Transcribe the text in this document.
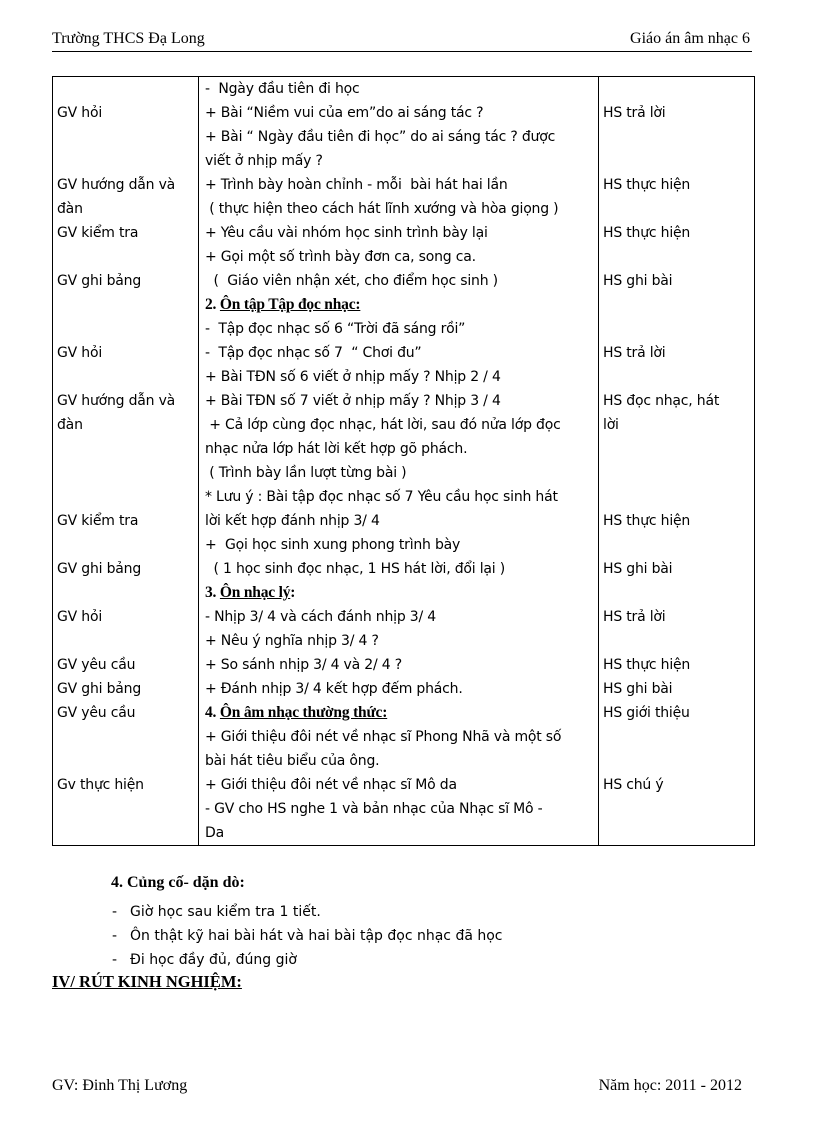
Trường THCS Đạ Long	Giáo án âm nhạc 6
	-  Ngày đầu tiên đi học	
GV hỏi	+ Bài “Niềm vui của em”do ai sáng tác ?	HS trả lời
	+ Bài “ Ngày đầu tiên đi học” do ai sáng tác ? được	
	viết ở nhịp mấy ?	
GV hướng dẫn và	+ Trình bày hoàn chỉnh - mỗi  bài hát hai lần	HS thực hiện
đàn	( thực hiện theo cách hát lĩnh xướng và hòa giọng )	
GV kiểm tra	+ Yêu cầu vài nhóm học sinh trình bày lại	HS thực hiện
	+ Gọi một số trình bày đơn ca, song ca.	
GV ghi bảng	(  Giáo viên nhận xét, cho điểm học sinh )	HS ghi bài
	2. Ôn tập Tập đọc nhạc:	
	-  Tập đọc nhạc số 6 “Trời đã sáng rồi”	
GV hỏi	-  Tập đọc nhạc số 7  “ Chơi đu”	HS trả lời
	+ Bài TĐN số 6 viết ở nhịp mấy ? Nhịp 2 / 4	
GV hướng dẫn và	+ Bài TĐN số 7 viết ở nhịp mấy ? Nhịp 3 / 4	HS đọc nhạc, hát
đàn	+ Cả lớp cùng đọc nhạc, hát lời, sau đó nửa lớp đọc	lời
	nhạc nửa lớp hát lời kết hợp gõ phách.	
	( Trình bày lần lượt từng bài )	
	* Lưu ý : Bài tập đọc nhạc số 7 Yêu cầu học sinh hát	
GV kiểm tra	lời kết hợp đánh nhịp 3/ 4	HS thực hiện
	+  Gọi học sinh xung phong trình bày	
GV ghi bảng	( 1 học sinh đọc nhạc, 1 HS hát lời, đổi lại )	HS ghi bài
	3. Ôn nhạc lý:	
GV hỏi	- Nhịp 3/ 4 và cách đánh nhịp 3/ 4	HS trả lời
	+ Nêu ý nghĩa nhịp 3/ 4 ?	
GV yêu cầu	+ So sánh nhịp 3/ 4 và 2/ 4 ?	HS thực hiện
GV ghi bảng	+ Đánh nhịp 3/ 4 kết hợp đếm phách.	HS ghi bài
GV yêu cầu	4. Ôn âm nhạc thường thức:	HS giới thiệu
	+ Giới thiệu đôi nét về nhạc sĩ Phong Nhã và một số	
	bài hát tiêu biểu của ông.	
Gv thực hiện	+ Giới thiệu đôi nét về nhạc sĩ Mô da	HS chú ý
	- GV cho HS nghe 1 và bản nhạc của Nhạc sĩ Mô -	
	Da	
4. Củng cố- dặn dò:
- Giờ học sau kiểm tra 1 tiết.
- Ôn thật kỹ hai bài hát và hai bài tập đọc nhạc đã học
- Đi học đầy đủ, đúng giờ
IV/ RÚT KINH NGHIỆM:
GV: Đinh Thị Lương	Năm học: 2011 - 2012
